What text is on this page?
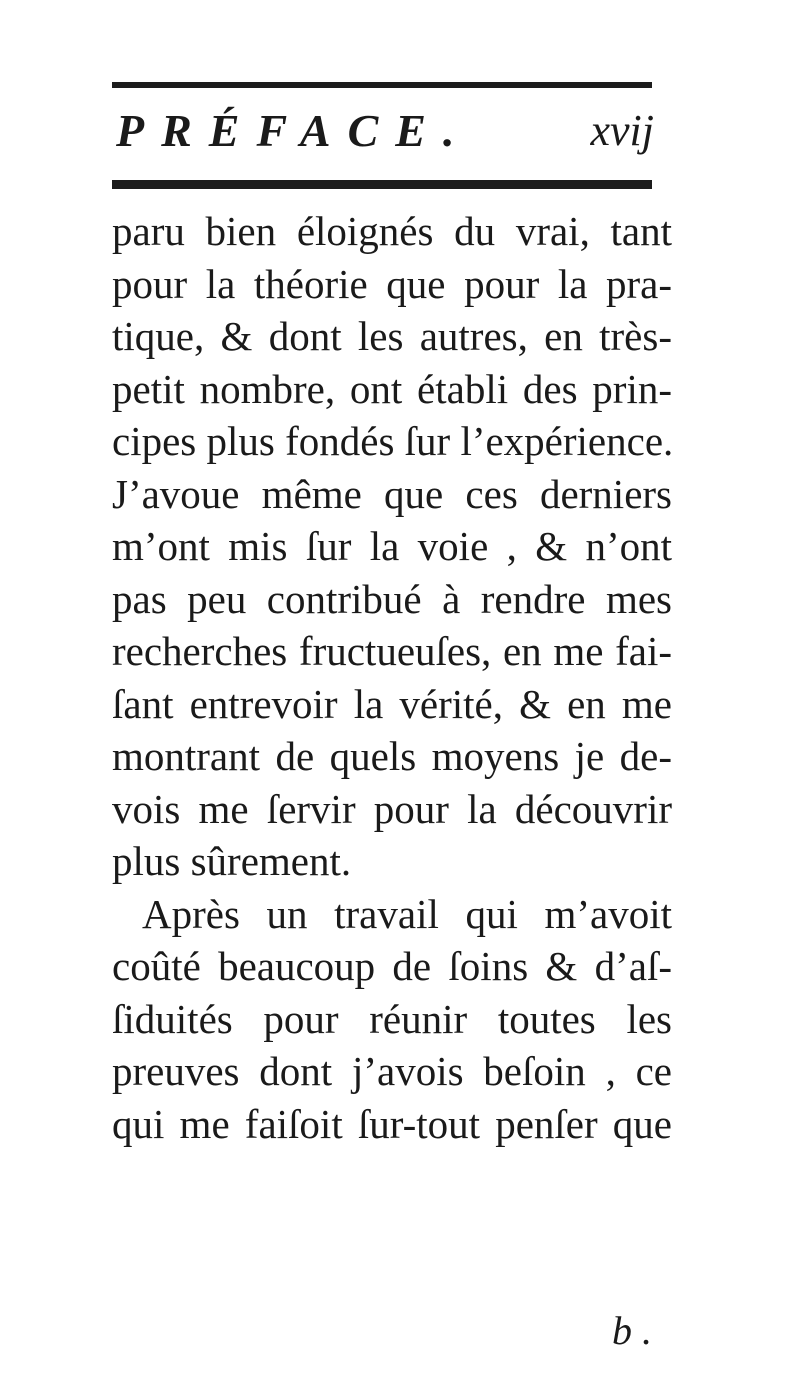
PRÉFACE.	xvij
paru bien éloignés du vrai, tant
pour la théorie que pour la pra-
tique, & dont les autres, en très-
petit nombre, ont établi des prin-
cipes plus fondés ſur l’expérience.
J’avoue même que ces derniers
m’ont mis ſur la voie , & n’ont
pas peu contribué à rendre mes
recherches fructueuſes, en me fai-
ſant entrevoir la vérité, & en me
montrant de quels moyens je de-
vois me ſervir pour la découvrir
plus sûrement.
Après un travail qui m’avoit
coûté beaucoup de ſoins & d’aſ-
ſiduités pour réunir toutes les
preuves dont j’avois beſoin , ce
qui me faiſoit ſur-tout penſer que
b .
